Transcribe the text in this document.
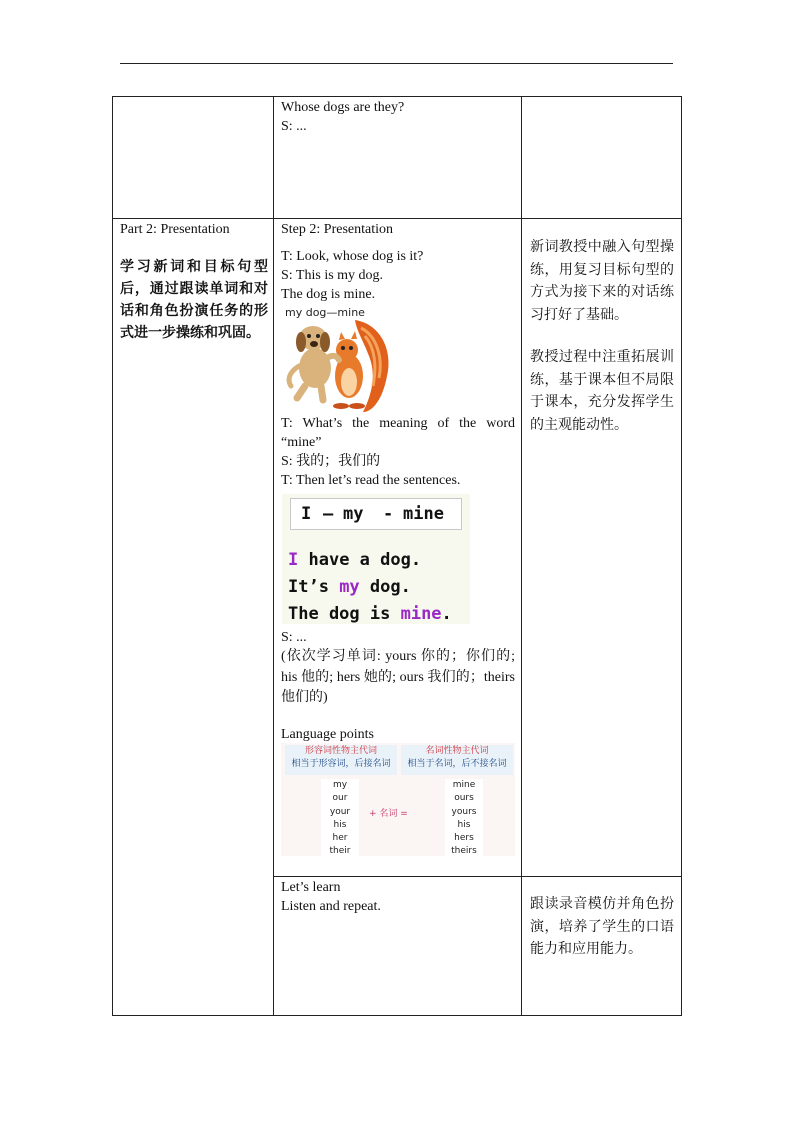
Whose dogs are they?

S: ...

Part 2: Presentation

学习新词和目标句型后，通过跟读单词和对话和角色扮演任务的形式进一步操练和巩固。

Step 2: Presentation

T: Look, whose dog is it?

S: This is my dog.

The dog is mine.

my dog—mine

T: What’s the meaning of the word “mine”

S: 我的；我们的

T: Then let’s read the sentences.

I – my - mine
I have a dog.
It’s my dog.
The dog is mine.

S: ...

(依次学习单词: yours 你的；你们的; his 他的; hers 她的; ours 我们的；theirs 他们的)

Language points

形容词性物主代词
相当于形容词，后接名词
名词性物主代词
相当于名词，后不接名词
my
our
your
his
her
their
+ 名词 =
mine
ours
yours
his
hers
theirs

新词教授中融入句型操练，用复习目标句型的方式为接下来的对话练习打好了基础。

教授过程中注重拓展训练，基于课本但不局限于课本，充分发挥学生的主观能动性。

Let’s learn

Listen and repeat.	跟读录音模仿并角色扮演，培养了学生的口语能力和应用能力。
